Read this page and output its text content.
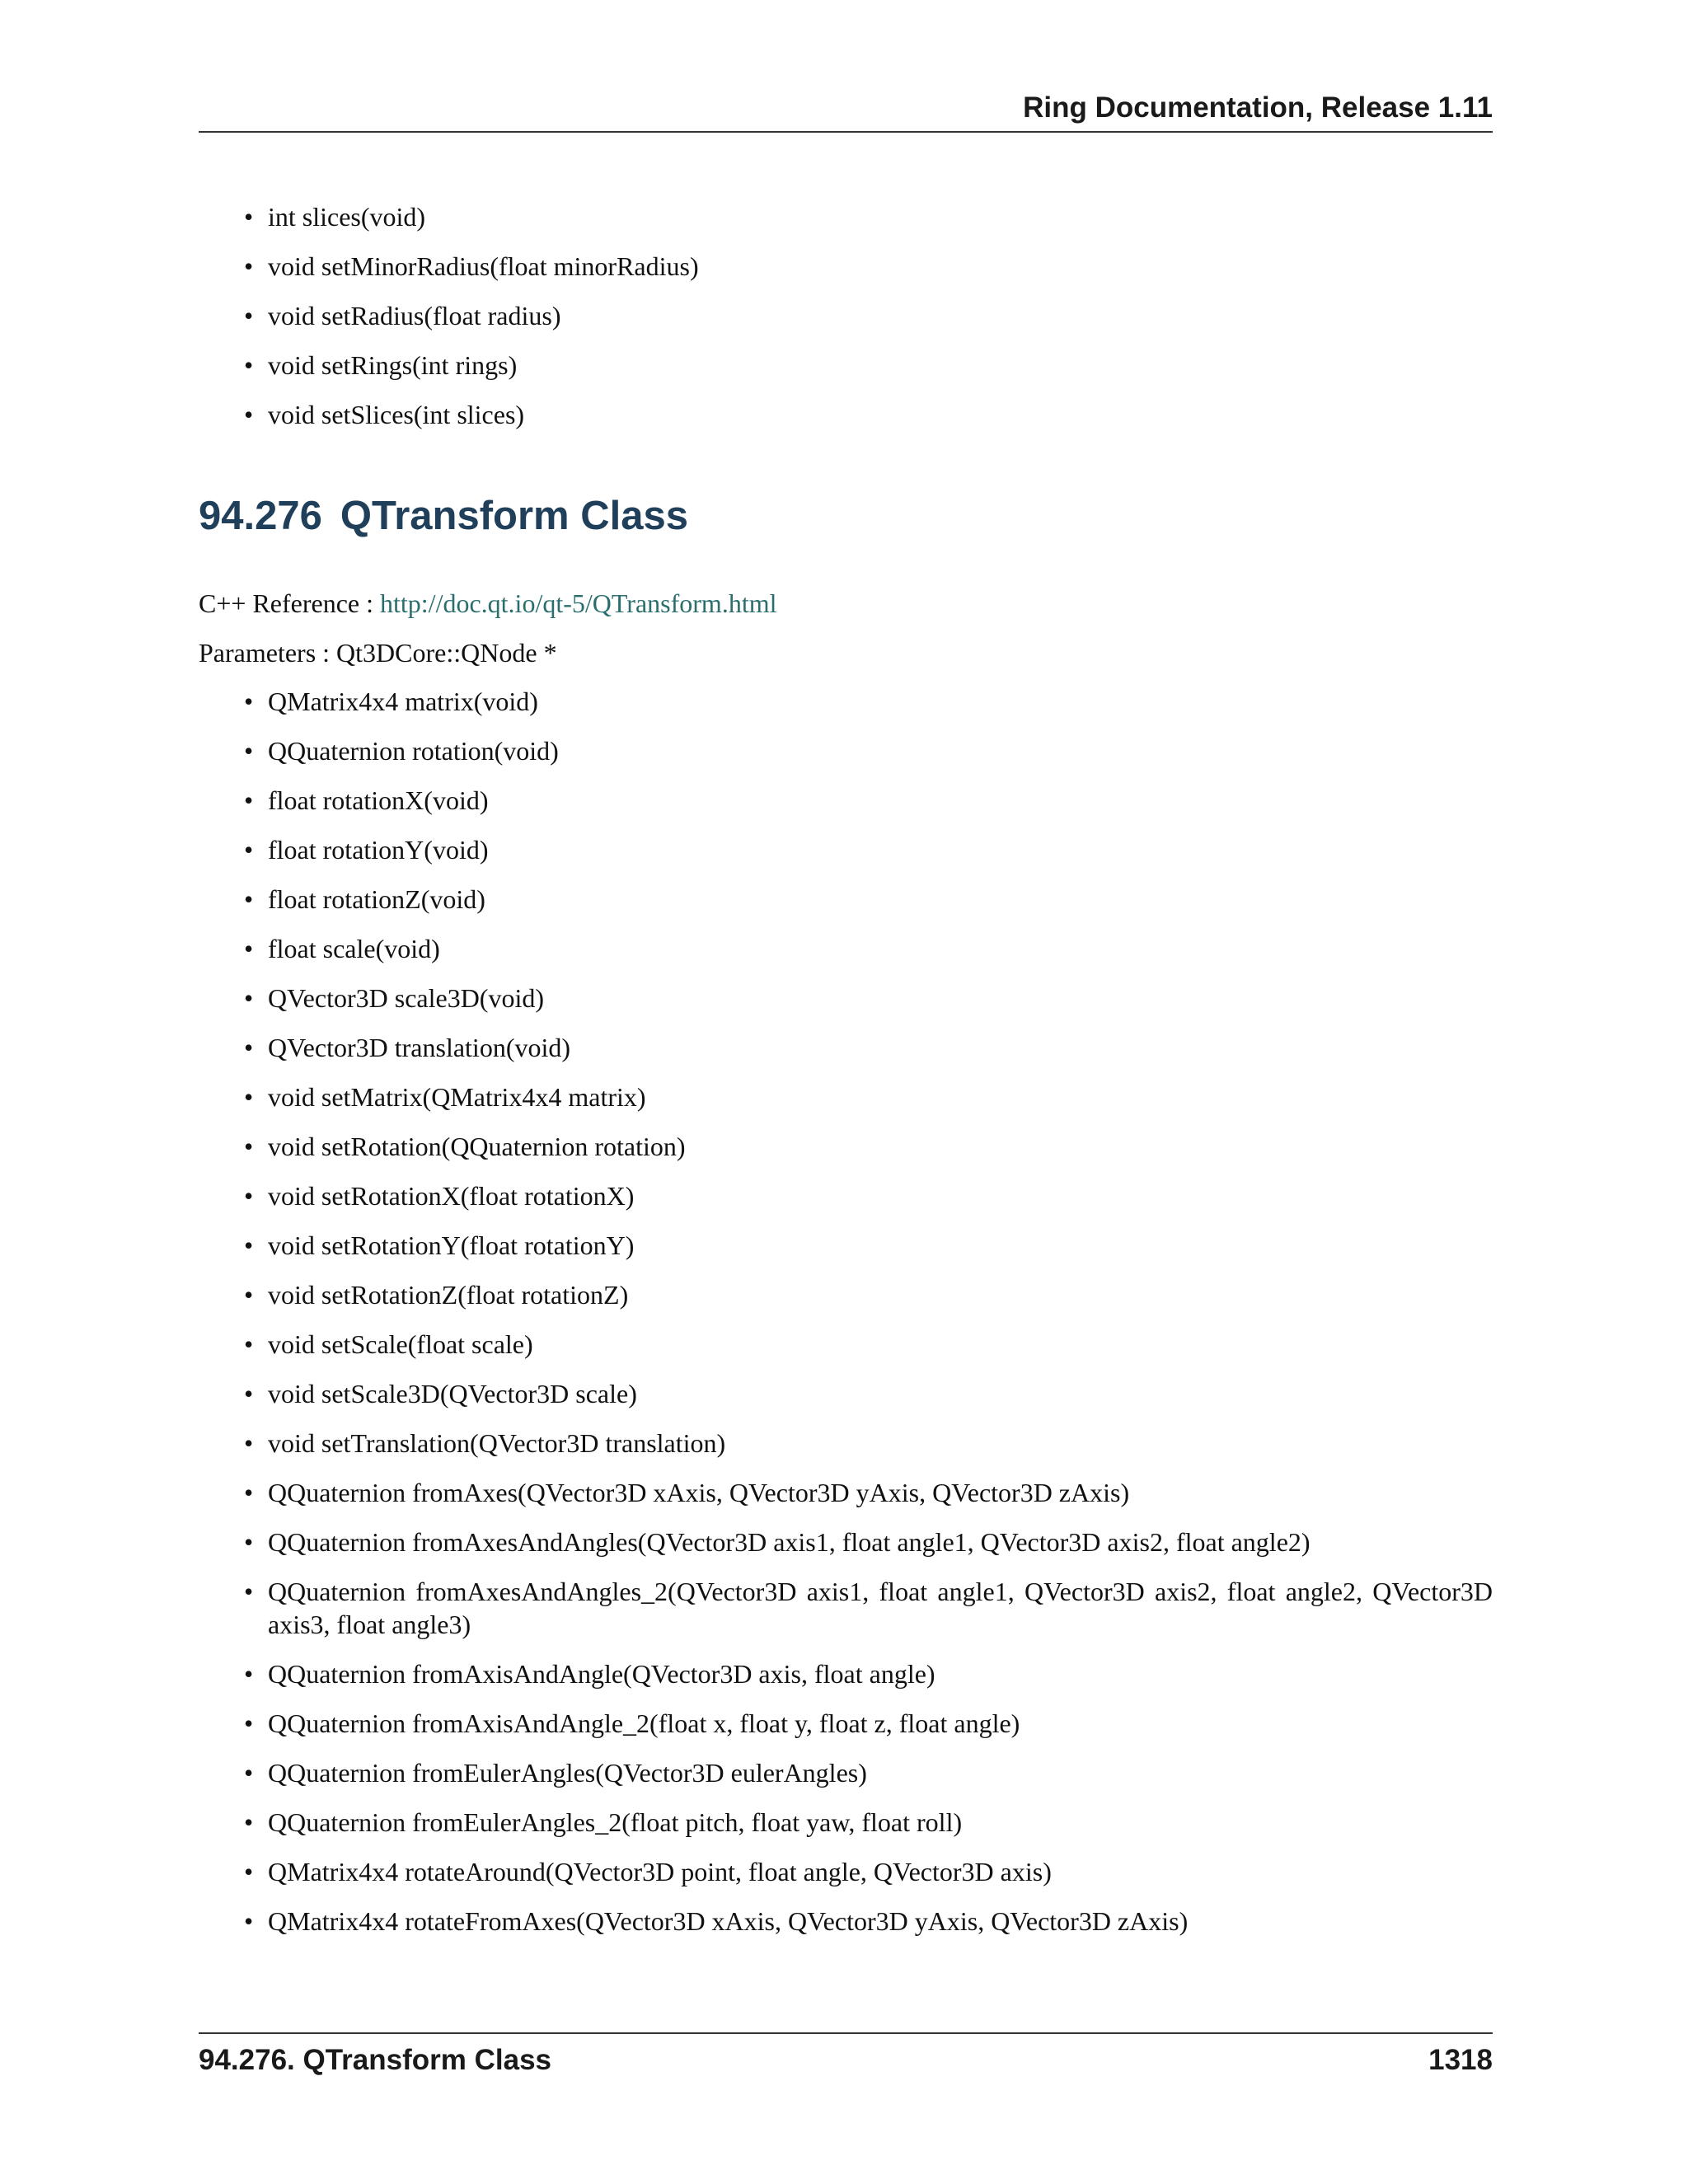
Ring Documentation, Release 1.11
• int slices(void)
• void setMinorRadius(float minorRadius)
• void setRadius(float radius)
• void setRings(int rings)
• void setSlices(int slices)
94.276 QTransform Class
C++ Reference : http://doc.qt.io/qt-5/QTransform.html
Parameters : Qt3DCore::QNode *
• QMatrix4x4 matrix(void)
• QQuaternion rotation(void)
• float rotationX(void)
• float rotationY(void)
• float rotationZ(void)
• float scale(void)
• QVector3D scale3D(void)
• QVector3D translation(void)
• void setMatrix(QMatrix4x4 matrix)
• void setRotation(QQuaternion rotation)
• void setRotationX(float rotationX)
• void setRotationY(float rotationY)
• void setRotationZ(float rotationZ)
• void setScale(float scale)
• void setScale3D(QVector3D scale)
• void setTranslation(QVector3D translation)
• QQuaternion fromAxes(QVector3D xAxis, QVector3D yAxis, QVector3D zAxis)
• QQuaternion fromAxesAndAngles(QVector3D axis1, float angle1, QVector3D axis2, float angle2)
• QQuaternion fromAxesAndAngles_2(QVector3D axis1, float angle1, QVector3D axis2, float angle2, QVector3D axis3, float angle3)
• QQuaternion fromAxisAndAngle(QVector3D axis, float angle)
• QQuaternion fromAxisAndAngle_2(float x, float y, float z, float angle)
• QQuaternion fromEulerAngles(QVector3D eulerAngles)
• QQuaternion fromEulerAngles_2(float pitch, float yaw, float roll)
• QMatrix4x4 rotateAround(QVector3D point, float angle, QVector3D axis)
• QMatrix4x4 rotateFromAxes(QVector3D xAxis, QVector3D yAxis, QVector3D zAxis)
94.276. QTransform Class	1318
